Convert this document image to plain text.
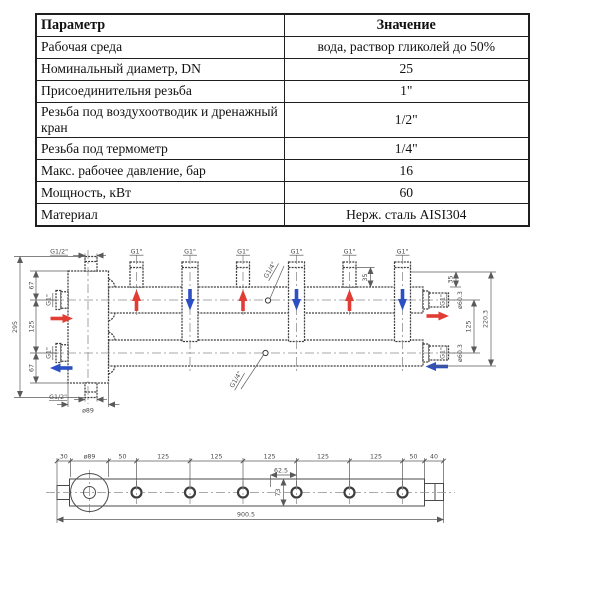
Параметр	Значение
Рабочая среда	вода, раствор гликолей до 50%
Номинальный диаметр, DN	25
Присоединительня резьба	1"
Резьба под воздухоотводик и дренажный кран	1/2"
Резьба под термометр	1/4"
Макс. рабочее давление, бар	16
Мощность, кВт	60
Материал	Нерж. сталь AISI304
G1/4"
G1/4"
67
125
67
295
G1"
G1"
G1/2"
G1/2"
ø89
G1"	G1"	G1"	G1"	G1"	G1"
35	35
125 220.3
ø60.3
ø60.3
G1"
G1"
30	ø89	50	125	125	125	125	125	50 40
62.5
73
900.5
